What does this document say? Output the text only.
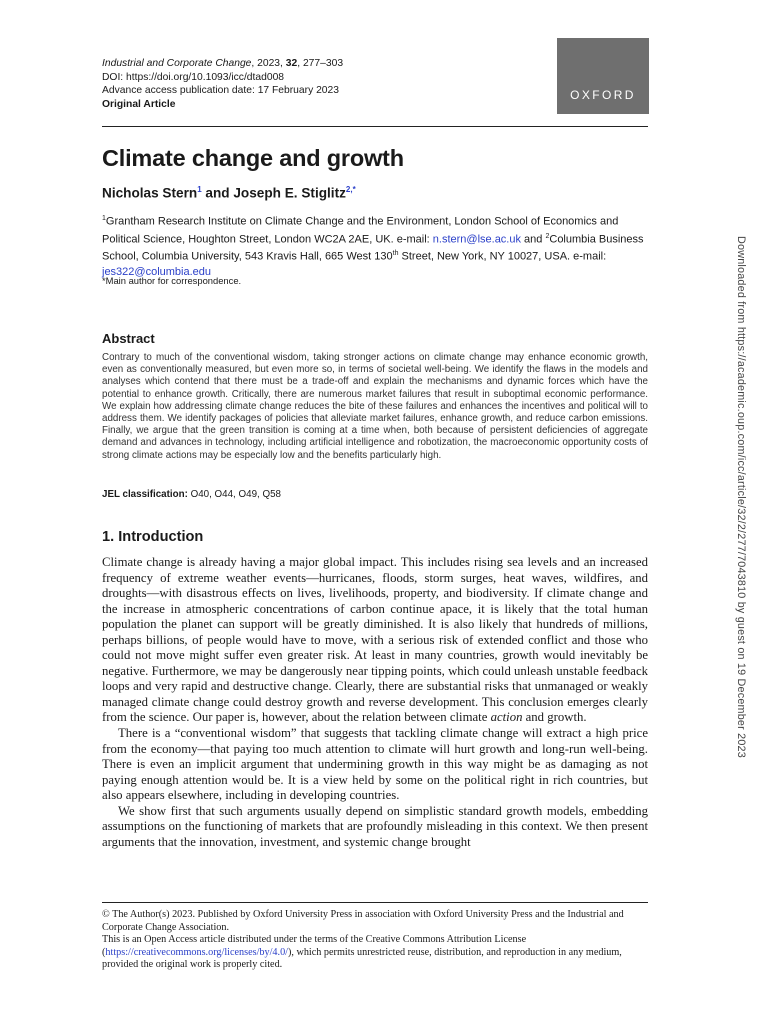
Industrial and Corporate Change, 2023, 32, 277–303
DOI: https://doi.org/10.1093/icc/dtad008
Advance access publication date: 17 February 2023
Original Article
OXFORD
Climate change and growth
Nicholas Stern$^1$ and Joseph E. Stiglitz$^{2,*}$
$^1$Grantham Research Institute on Climate Change and the Environment, London School of Economics and Political Science, Houghton Street, London WC2A 2AE, UK. e-mail: n.stern@lse.ac.uk and $^2$Columbia Business School, Columbia University, 543 Kravis Hall, 665 West 130th Street, New York, NY 10027, USA. e-mail: jes322@columbia.edu
*Main author for correspondence.
Abstract
Contrary to much of the conventional wisdom, taking stronger actions on climate change may enhance economic growth, even as conventionally measured, but even more so, in terms of societal well-being. We identify the flaws in the models and analyses which contend that there must be a trade-off and explain the mechanisms and dynamic forces which have the potential to enhance growth. Critically, there are numerous market failures that result in suboptimal economic performance. We explain how addressing climate change reduces the bite of these failures and enhances the incentives and political will to address them. We identify packages of policies that alleviate market failures, enhance growth, and reduce carbon emissions. Finally, we argue that the green transition is coming at a time when, both because of persistent deficiencies of aggregate demand and advances in technology, including artificial intelligence and robotization, the macroeconomic opportunity costs of strong climate actions may be especially low and the benefits particularly high.
JEL classification: O40, O44, O49, Q58
1. Introduction

Climate change is already having a major global impact. This includes rising sea levels and an increased frequency of extreme weather events—hurricanes, floods, storm surges, heat waves, wildfires, and droughts—with disastrous effects on lives, livelihoods, property, and biodiversity. If climate change and the increase in atmospheric concentrations of carbon continue apace, it is likely that the total human population the planet can support will be greatly diminished. It is also likely that hundreds of millions, perhaps billions, of people would have to move, with a serious risk of extended conflict and those who could not move might suffer even greater risk. At least in many countries, growth would inevitably be negative. Furthermore, we may be dangerously near tipping points, which could unleash unstable feedback loops and very rapid and destructive change. Clearly, there are substantial risks that unmanaged or weakly managed climate change could destroy growth and reverse development. This conclusion emerges clearly from the science. Our paper is, however, about the relation between climate action and growth.

There is a “conventional wisdom” that suggests that tackling climate change will extract a high price from the economy—that paying too much attention to climate will hurt growth and long-run well-being. There is even an implicit argument that undermining growth in this way might be as damaging as not paying enough attention would be. It is a view held by some on the political right in rich countries, but also appears elsewhere, including in developing countries.

We show first that such arguments usually depend on simplistic standard growth models, embedding assumptions on the functioning of markets that are profoundly misleading in this context. We then present arguments that the innovation, investment, and systemic change brought

© The Author(s) 2023. Published by Oxford University Press in association with Oxford University Press and the Industrial and Corporate Change Association.

This is an Open Access article distributed under the terms of the Creative Commons Attribution License (https://creativecommons.org/licenses/by/4.0/), which permits unrestricted reuse, distribution, and reproduction in any medium, provided the original work is properly cited.

Downloaded from https://academic.oup.com/icc/article/32/2/277/7043810 by guest on 19 December 2023
